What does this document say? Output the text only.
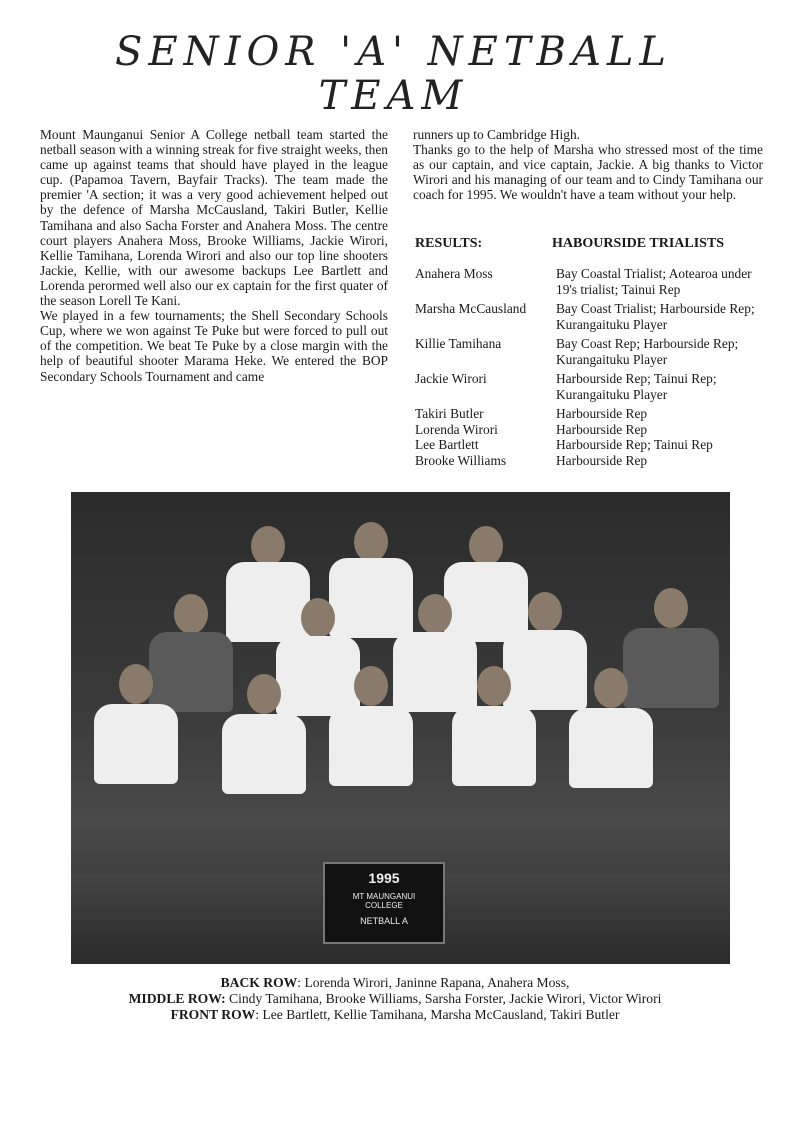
SENIOR 'A' NETBALL
TEAM

Mount Maunganui Senior A College netball team started the netball season with a winning streak for five straight weeks, then came up against teams that should have played in the league cup. (Papamoa Tavern, Bayfair Tracks). The team made the premier 'A section; it was a very good achievement helped out by the defence of Marsha McCausland, Takiri Butler, Kellie Tamihana and also Sacha Forster and Anahera Moss. The centre court players Anahera Moss, Brooke Williams, Jackie Wirori, Kellie Tamihana, Lorenda Wirori and also our top line shooters Jackie, Kellie, with our awesome backups Lee Bartlett and Lorenda perormed well also our ex captain for the first quater of the season Lorell Te Kani.

We played in a few tournaments; the Shell Secondary Schools Cup, where we won against Te Puke but were forced to pull out of the competition. We beat Te Puke by a close margin with the help of beautiful shooter Marama Heke. We entered the BOP Secondary Schools Tournament and came

runners up to Cambridge High.

Thanks go to the help of Marsha who stressed most of the time as our captain, and vice captain, Jackie. A big thanks to Victor Wirori and his managing of our team and to Cindy Tamihana our coach for 1995. We wouldn't have a team without your help.

RESULTS:	HABOURSIDE TRIALISTS
Anahera Moss	Bay Coastal Trialist; Aotearoa under 19's trialist; Tainui Rep
Marsha McCausland	Bay Coast Trialist; Harbourside Rep; Kurangaituku Player
Killie Tamihana	Bay Coast Rep; Harbourside Rep; Kurangaituku Player
Jackie Wirori	Harbourside Rep; Tainui Rep; Kurangaituku Player
Takiri Butler	Harbourside Rep
Lorenda Wirori	Harbourside Rep
Lee Bartlett	Harbourside Rep; Tainui Rep
Brooke Williams	Harbourside Rep
1995
MT MAUNGANUI
COLLEGE
NETBALL A
BACK ROW: Lorenda Wirori, Janinne Rapana, Anahera Moss,
MIDDLE ROW: Cindy Tamihana, Brooke Williams, Sarsha Forster, Jackie Wirori, Victor Wirori
FRONT ROW: Lee Bartlett, Kellie Tamihana, Marsha McCausland, Takiri Butler
